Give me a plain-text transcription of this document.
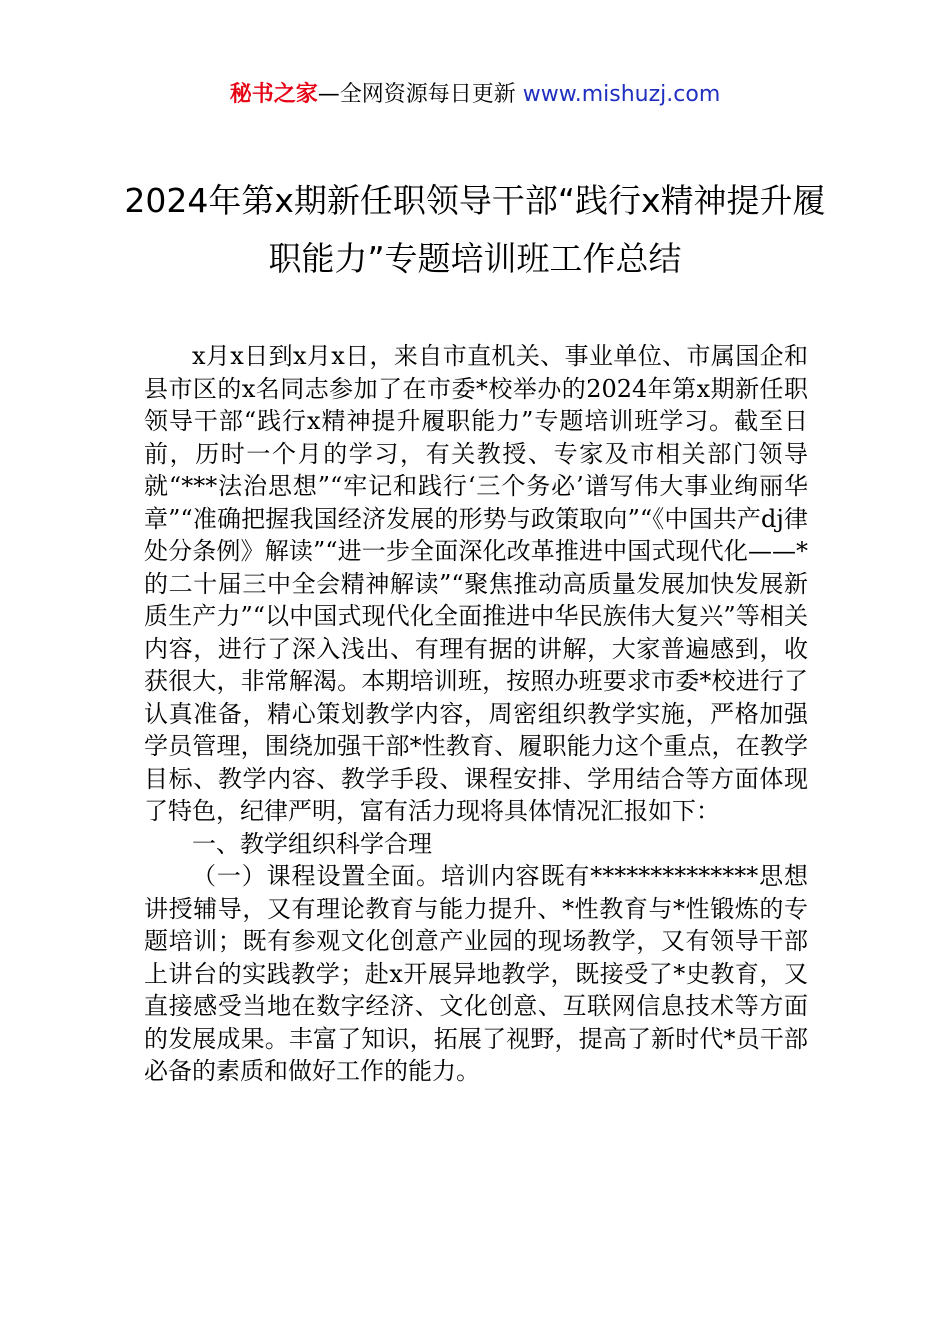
秘书之家—全网资源每日更新 www.mishuzj.com
2024年第x期新任职领导干部“践行x精神提升履职能力”专题培训班工作总结

x月x日到x月x日，来自市直机关、事业单位、市属国企和县市区的x名同志参加了在市委*校举办的2024年第x期新任职领导干部“践行x精神提升履职能力”专题培训班学习。截至日前，历时一个月的学习，有关教授、专家及市相关部门领导就“***法治思想”“牢记和践行‘三个务必’谱写伟大事业绚丽华章”“准确把握我国经济发展的形势与政策取向”“《中国共产dj律处分条例》解读”“进一步全面深化改革推进中国式现代化——*的二十届三中全会精神解读”“聚焦推动高质量发展加快发展新质生产力”“以中国式现代化全面推进中华民族伟大复兴”等相关内容，进行了深入浅出、有理有据的讲解，大家普遍感到，收获很大，非常解渴。本期培训班，按照办班要求市委*校进行了认真准备，精心策划教学内容，周密组织教学实施，严格加强学员管理，围绕加强干部*性教育、履职能力这个重点，在教学目标、教学内容、教学手段、课程安排、学用结合等方面体现了特色，纪律严明，富有活力现将具体情况汇报如下：

一、教学组织科学合理

（一）课程设置全面。培训内容既有**************思想讲授辅导，又有理论教育与能力提升、*性教育与*性锻炼的专题培训；既有参观文化创意产业园的现场教学，又有领导干部上讲台的实践教学；赴x开展异地教学，既接受了*史教育，又直接感受当地在数字经济、文化创意、互联网信息技术等方面的发展成果。丰富了知识，拓展了视野，提高了新时代*员干部必备的素质和做好工作的能力。
